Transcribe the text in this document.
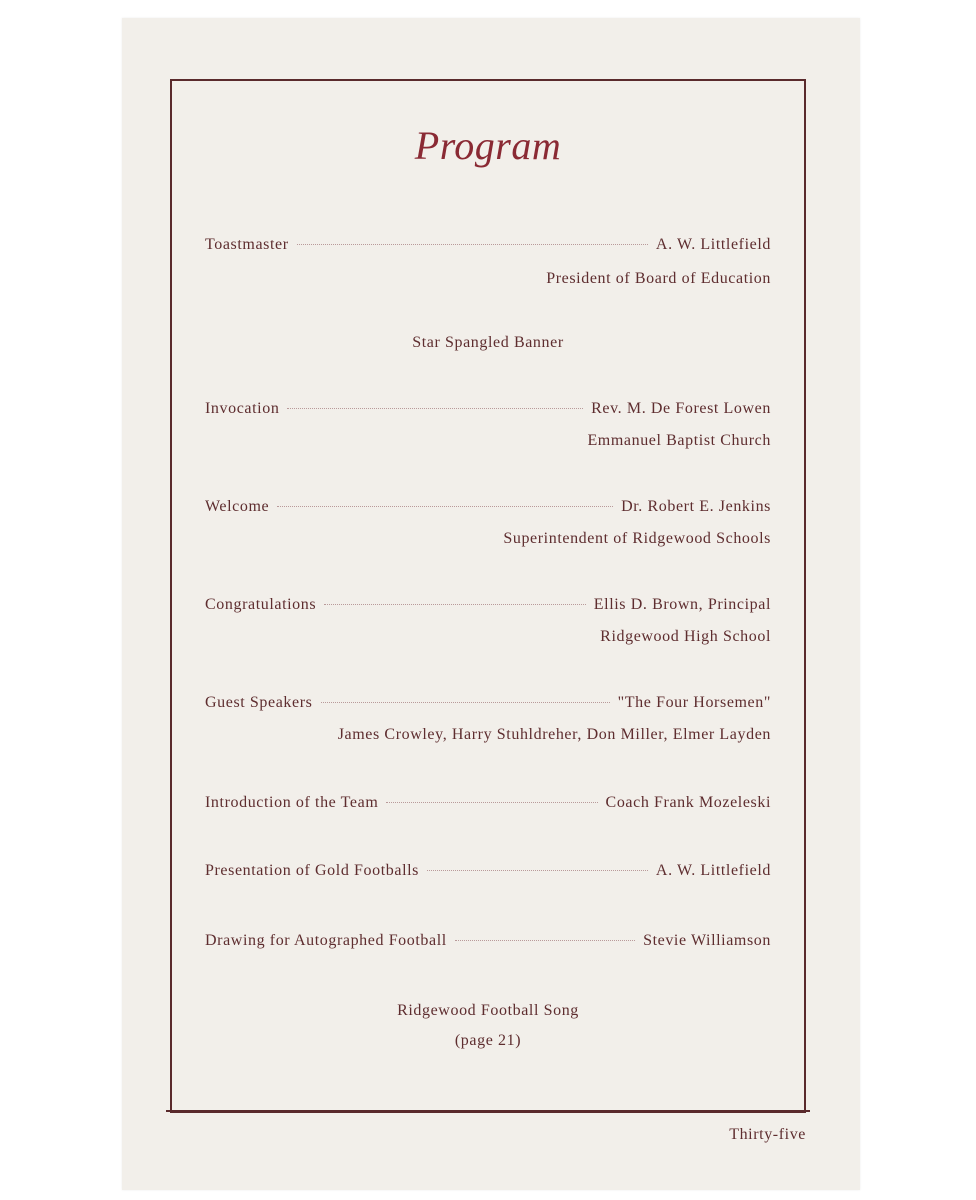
Program
Toastmaster	A. W. Littlefield
President of Board of Education
Star Spangled Banner
Invocation	Rev. M. De Forest Lowen
Emmanuel Baptist Church
Welcome	Dr. Robert E. Jenkins
Superintendent of Ridgewood Schools
Congratulations	Ellis D. Brown, Principal
Ridgewood High School
Guest Speakers	"The Four Horsemen"
James Crowley, Harry Stuhldreher, Don Miller, Elmer Layden
Introduction of the Team	Coach Frank Mozeleski
Presentation of Gold Footballs	A. W. Littlefield
Drawing for Autographed Football	Stevie Williamson
Ridgewood Football Song
(page 21)
Thirty-five
